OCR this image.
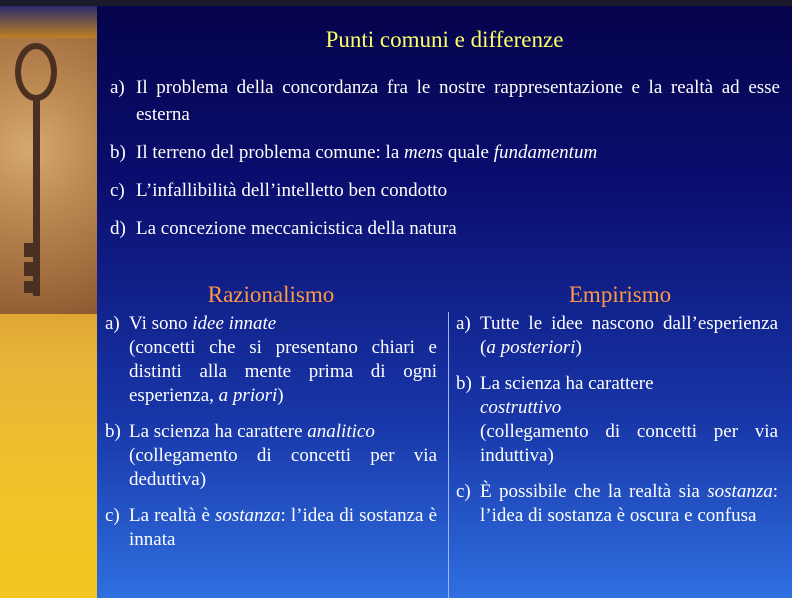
Punti comuni e differenze
a) Il problema della concordanza fra le nostre rappresentazione e la realtà ad esse esterna
b) Il terreno del problema comune: la mens quale fundamentum
c) L’infallibilità dell’intelletto ben condotto
d) La concezione meccanicistica della natura
Razionalismo	Empirismo
a) Vi sono idee innate
(concetti che si presentano chiari e distinti alla mente prima di ogni esperienza, a priori)
b) La scienza ha carattere analitico
(collegamento di concetti per via deduttiva)
c) La realtà è sostanza: l’idea di sostanza è innata
a) Tutte le idee nascono dall’esperienza (a posteriori)
b) La scienza ha carattere
costruttivo
(collegamento di concetti per via induttiva)
c) È possibile che la realtà sia sostanza: l’idea di sostanza è oscura e confusa
